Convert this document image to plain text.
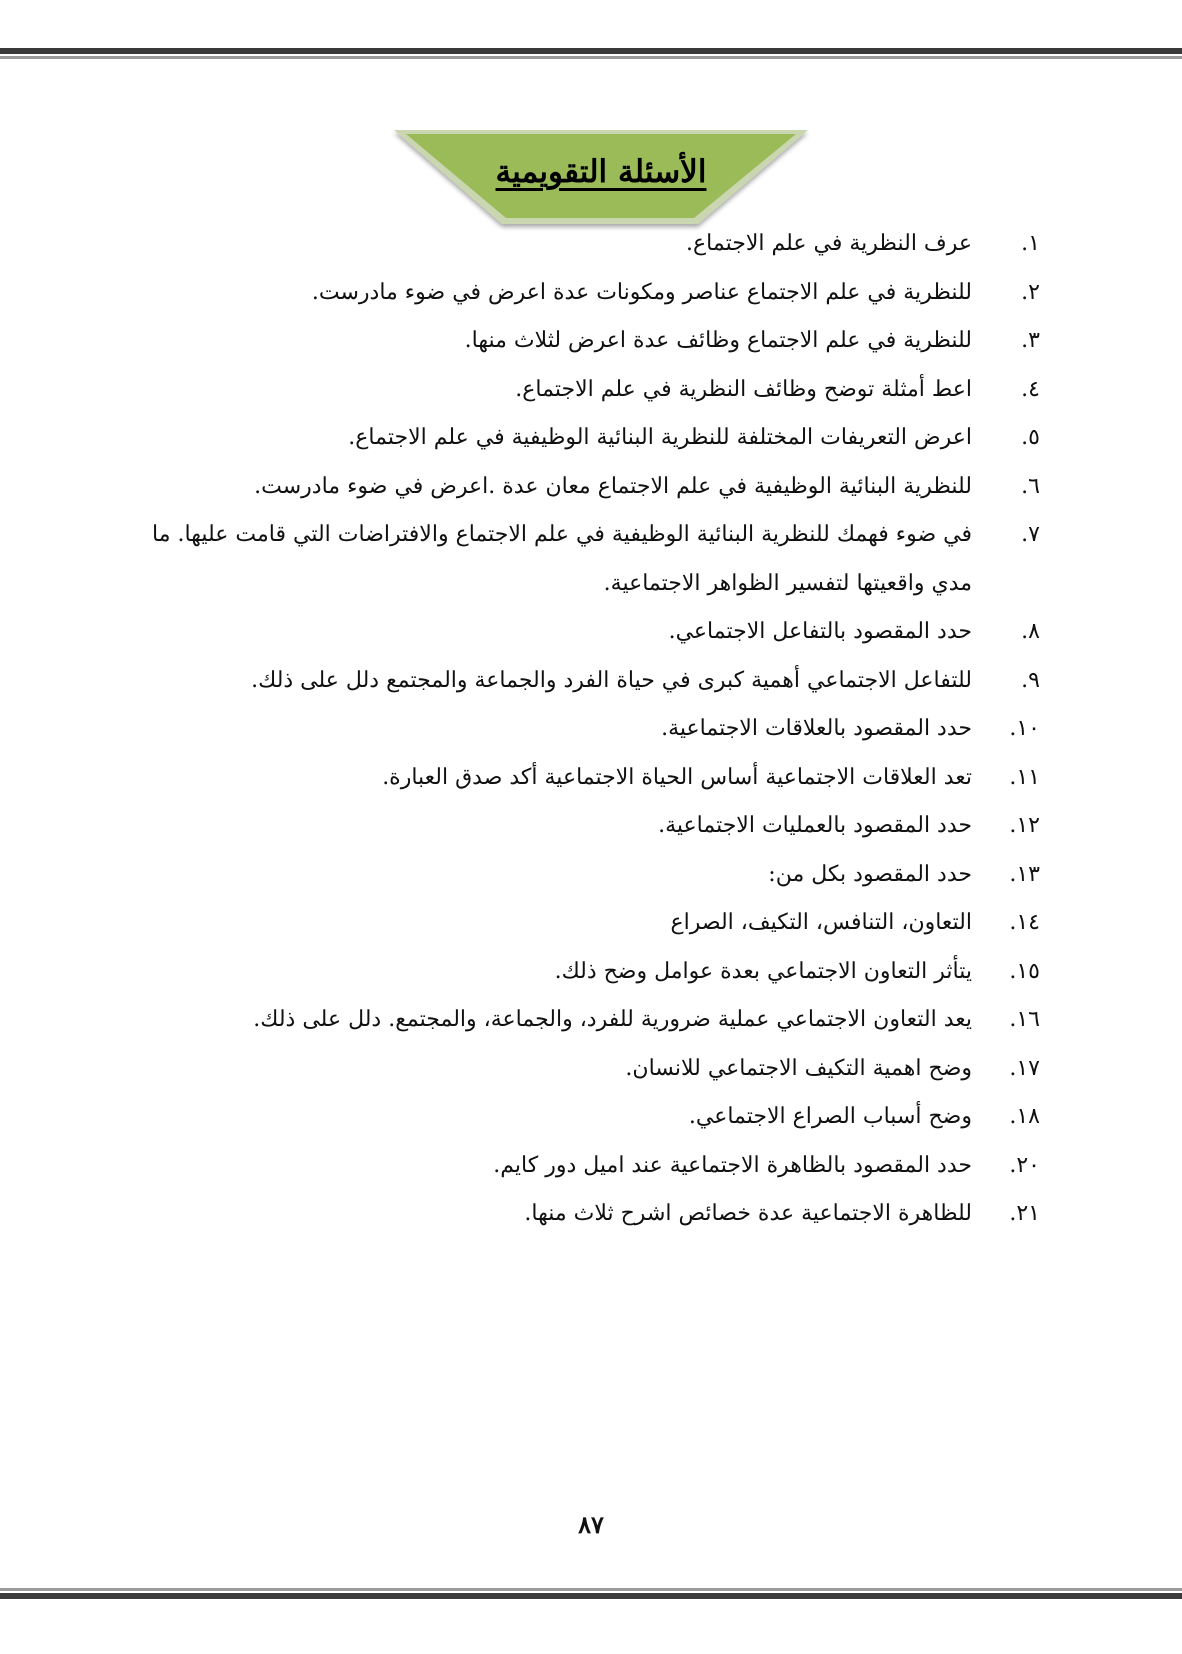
الأسئلة التقويمية
١.
عرف النظرية في علم الاجتماع.
٢.
للنظرية في علم الاجتماع عناصر ومكونات عدة اعرض في ضوء مادرست.
٣.
للنظرية في علم الاجتماع وظائف عدة اعرض لثلاث منها.
٤.
اعط أمثلة توضح وظائف النظرية في علم الاجتماع.
٥.
اعرض التعريفات المختلفة للنظرية البنائية الوظيفية في علم الاجتماع.
٦.
للنظرية البنائية الوظيفية في علم الاجتماع معان عدة .اعرض في ضوء مادرست.
٧.
في ضوء فهمك للنظرية البنائية الوظيفية في علم الاجتماع والافتراضات التي قامت عليها. ما مدي واقعيتها لتفسير الظواهر الاجتماعية.
٨.
حدد المقصود بالتفاعل الاجتماعي.
٩.
للتفاعل الاجتماعي أهمية كبرى في حياة الفرد والجماعة والمجتمع دلل على ذلك.
١٠.
حدد المقصود بالعلاقات الاجتماعية.
١١.
تعد العلاقات الاجتماعية أساس الحياة الاجتماعية أكد صدق العبارة.
١٢.
حدد المقصود بالعمليات الاجتماعية.
١٣.
حدد المقصود بكل من:
١٤.
التعاون، التنافس، التكيف، الصراع
١٥.
يتأثر التعاون الاجتماعي بعدة عوامل وضح ذلك.
١٦.
يعد التعاون الاجتماعي عملية ضرورية للفرد، والجماعة، والمجتمع. دلل على ذلك.
١٧.
وضح اهمية التكيف الاجتماعي للانسان.
١٨.
وضح أسباب الصراع الاجتماعي.
٢٠.
حدد المقصود بالظاهرة الاجتماعية عند اميل دور كايم.
٢١.
للظاهرة الاجتماعية عدة خصائص اشرح ثلاث منها.
٨٧
